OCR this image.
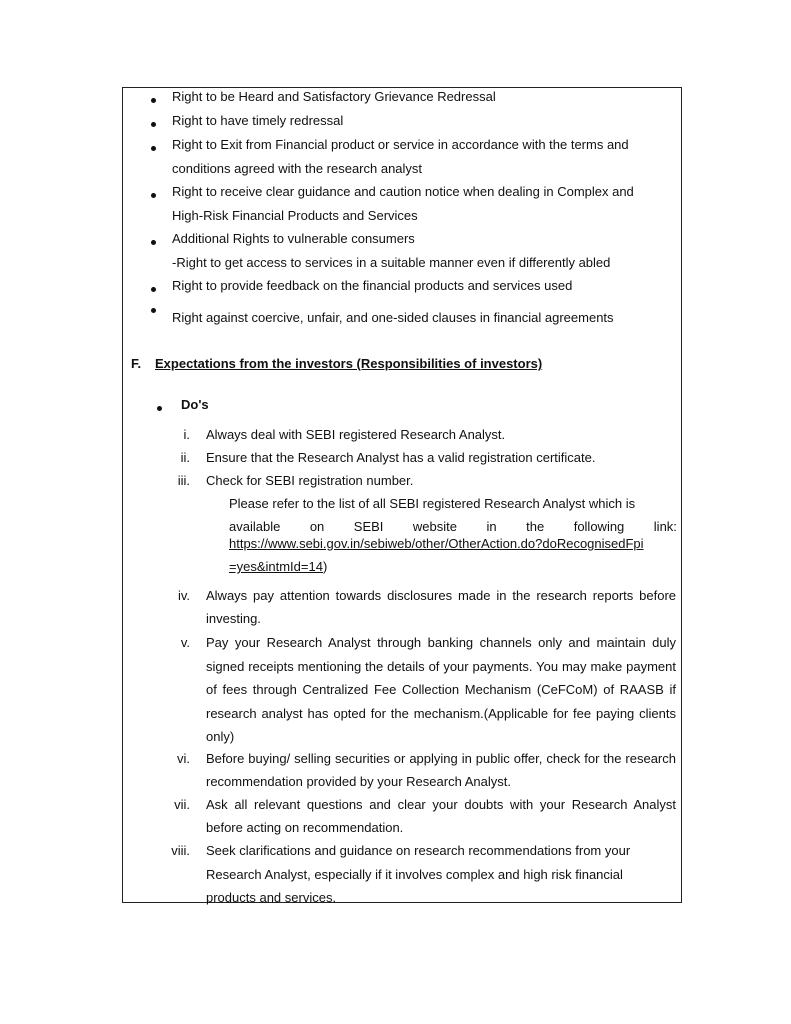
Right to be Heard and Satisfactory Grievance Redressal
Right to have timely redressal
Right to Exit from Financial product or service in accordance with the terms and
conditions agreed with the research analyst
Right to receive clear guidance and caution notice when dealing in Complex and
High-Risk Financial Products and Services
Additional Rights to vulnerable consumers
-Right to get access to services in a suitable manner even if differently abled
Right to provide feedback on the financial products and services used
Right against coercive, unfair, and one-sided clauses in financial agreements
F. Expectations from the investors (Responsibilities of investors)
Do's
i. Always deal with SEBI registered Research Analyst.
ii. Ensure that the Research Analyst has a valid registration certificate.
iii. Check for SEBI registration number.
Please refer to the list of all SEBI registered Research Analyst which is
available on SEBI website in the following link:
https://www.sebi.gov.in/sebiweb/other/OtherAction.do?doRecognisedFpi
=yes&intmId=14)
iv. Always pay attention towards disclosures made in the research reports before investing.
v. Pay your Research Analyst through banking channels only and maintain duly signed receipts mentioning the details of your payments. You may make payment of fees through Centralized Fee Collection Mechanism (CeFCoM) of RAASB if research analyst has opted for the mechanism.(Applicable for fee paying clients only)
vi. Before buying/ selling securities or applying in public offer, check for the research recommendation provided by your Research Analyst.
vii. Ask all relevant questions and clear your doubts with your Research Analyst before acting on recommendation.
viii. Seek clarifications and guidance on research recommendations from your Research Analyst, especially if it involves complex and high risk financial products and services.
